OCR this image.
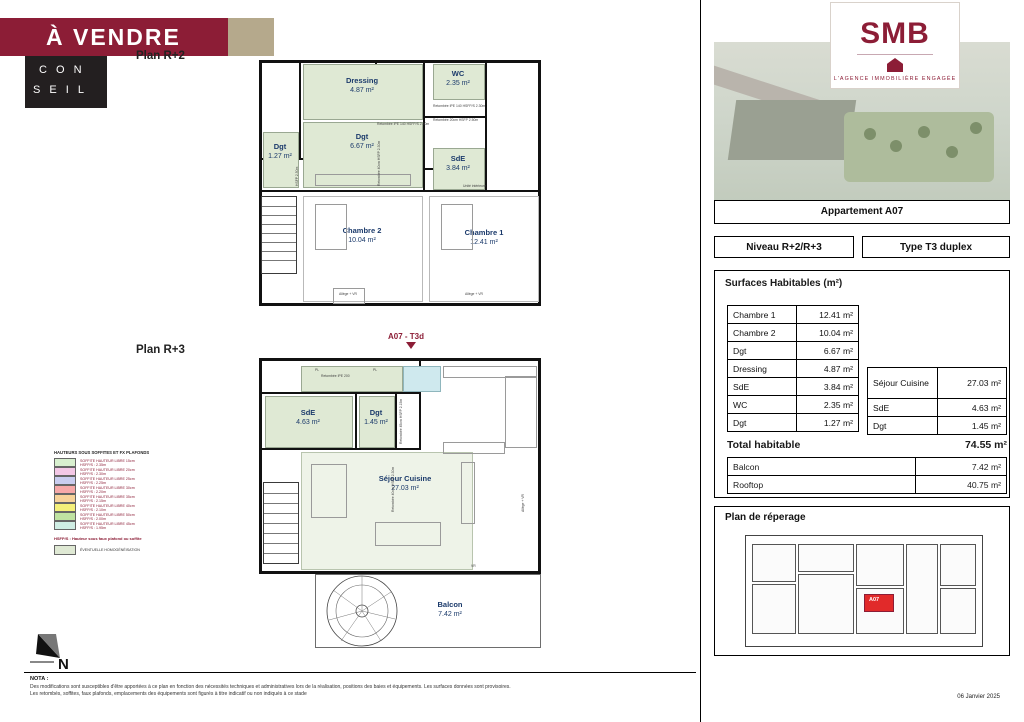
À VENDRE
C O N
S E I L
Plan R+2
Plan R+3
A07 - T3d
Dressing
4.87 m²
WC
2.35 m²
Dgt
6.67 m²
Dgt
1.27 m²	SdE
3.84 m²
Chambre 2
10.04 m²
Chambre 1
12.41 m²
Retombée IPE 140 HSFP/S 2.30m
Retombée IPE 140 HSFP/S 2.30m
Retombée 20cm HSFP 2.50m
Retombée 40cm HSFP 2.30m
HSFP 2.50m	Unité intérieure
Allège + VR	Allège + VR
SdE
4.63 m²
Dgt
1.45 m²
Séjour Cuisine
27.03 m²
Balcon
7.42 m²
Retombée IPE 200
Retombée 45cm HSFP 2.15m
Retombée 40cm HSFP 2.30m	Allège + VR
PL
PL
VR
HAUTEURS SOUS SOFFITES ET FX PLAFONDS
SOFFITE HAUTEUR LIBRE 15cm
HSFP/S : 2.35m
SOFFITE HAUTEUR LIBRE 20cm
HSFP/S : 2.30m
SOFFITE HAUTEUR LIBRE 25cm
HSFP/S : 2.25m
SOFFITE HAUTEUR LIBRE 30cm
HSFP/S : 2.20m
SOFFITE HAUTEUR LIBRE 35cm
HSFP/S : 2.15m
SOFFITE HAUTEUR LIBRE 40cm
HSFP/S : 2.10m
SOFFITE HAUTEUR LIBRE 50cm
HSFP/S : 2.00m
SOFFITE HAUTEUR LIBRE 45cm
HSFP/S : 1.95m
HSFP/S : Hauteur sous faux plafond ou soffite
ÉVENTUELLE HOMOGÉNÉISATION
N
NOTA :

Des modifications sont susceptibles d'être apportées à ce plan en fonction des nécessités techniques et administratives lors de la réalisation, positions des baies et équipements. Les surfaces données sont provisoires.

Les retombés, soffites, faux plafonds, emplacements des équipements sont figurés à titre indicatif ou non indiqués à ce stade

SMB
L'AGENCE IMMOBILIÈRE ENGAGÉE
Appartement A07
Niveau R+2/R+3	Type T3 duplex
Surfaces Habitables (m²)
Chambre 1	12.41 m²
Chambre 2	10.04 m²
Dgt	6.67 m²
Dressing	4.87 m²
SdE	3.84 m²
WC	2.35 m²
Dgt	1.27 m²
Séjour Cuisine	27.03 m²
SdE	4.63 m²
Dgt	1.45 m²
Total habitable	74.55 m²
Balcon	7.42 m²
Rooftop	40.75 m²
Plan de réperage
A07
06 Janvier 2025
